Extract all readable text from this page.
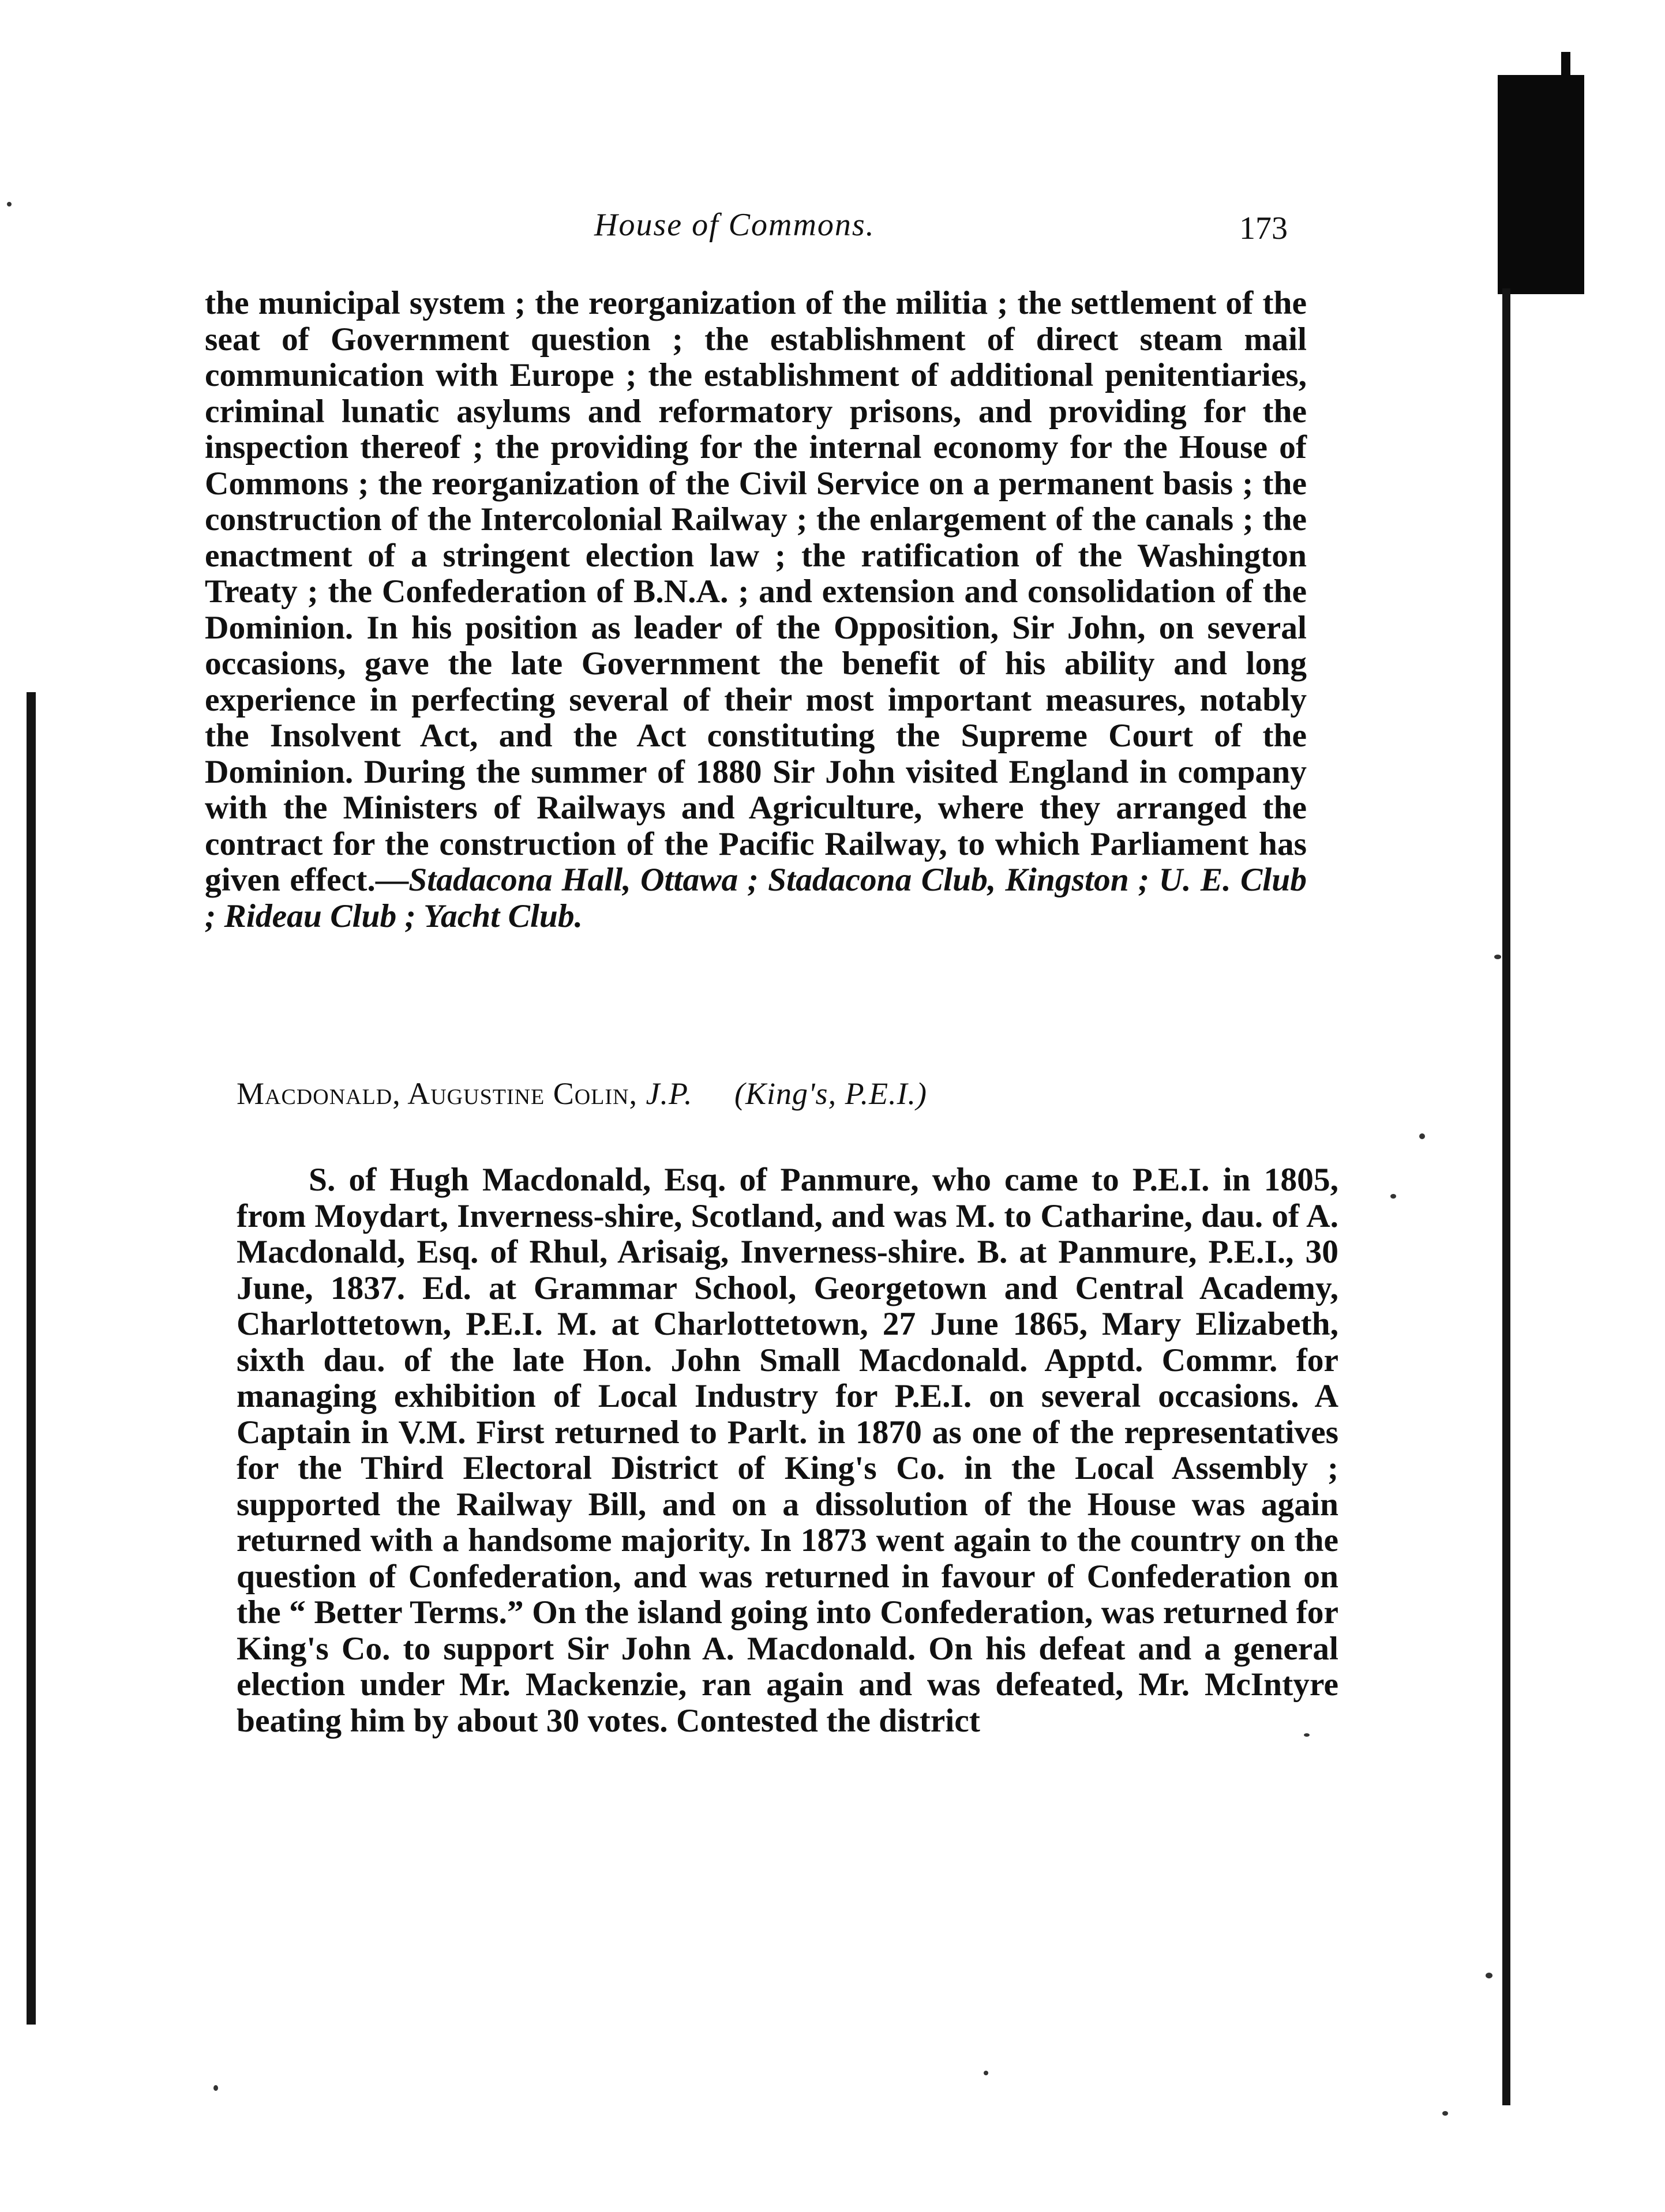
House of Commons.	173

the municipal system ; the reorganization of the militia ; the settlement of the seat of Government question ; the establishment of direct steam mail communication with Europe ; the establishment of additional penitentiaries, criminal lunatic asylums and reformatory prisons, and providing for the inspection thereof ; the providing for the internal economy for the House of Commons ; the reorganization of the Civil Service on a permanent basis ; the construction of the Intercolonial Railway ; the enlargement of the canals ; the enactment of a stringent election law ; the ratification of the Washington Treaty ; the Confederation of B.N.A. ; and extension and consolidation of the Dominion. In his position as leader of the Opposition, Sir John, on several occasions, gave the late Government the benefit of his ability and long experience in perfecting several of their most important measures, notably the Insolvent Act, and the Act constituting the Supreme Court of the Dominion. During the summer of 1880 Sir John visited England in company with the Ministers of Railways and Agriculture, where they arranged the contract for the construction of the Pacific Railway, to which Parliament has given effect.—Stadacona Hall, Ottawa ; Stadacona Club, Kingston ; U. E. Club ; Rideau Club ; Yacht Club.

Macdonald, Augustine Colin, J.P. (King's, P.E.I.)

S. of Hugh Macdonald, Esq. of Panmure, who came to P.E.I. in 1805, from Moydart, Inverness-shire, Scotland, and was M. to Catharine, dau. of A. Macdonald, Esq. of Rhul, Arisaig, Inverness-shire. B. at Panmure, P.E.I., 30 June, 1837. Ed. at Grammar School, Georgetown and Central Academy, Charlottetown, P.E.I. M. at Charlottetown, 27 June 1865, Mary Elizabeth, sixth dau. of the late Hon. John Small Macdonald. Apptd. Commr. for managing exhibition of Local Industry for P.E.I. on several occasions. A Captain in V.M. First returned to Parlt. in 1870 as one of the representatives for the Third Electoral District of King's Co. in the Local Assembly ; supported the Railway Bill, and on a dissolution of the House was again returned with a handsome majority. In 1873 went again to the country on the question of Confederation, and was returned in favour of Confederation on the “ Better Terms.” On the island going into Confederation, was returned for King's Co. to support Sir John A. Macdonald. On his defeat and a general election under Mr. Mackenzie, ran again and was defeated, Mr. McIntyre beating him by about 30 votes. Contested the district
